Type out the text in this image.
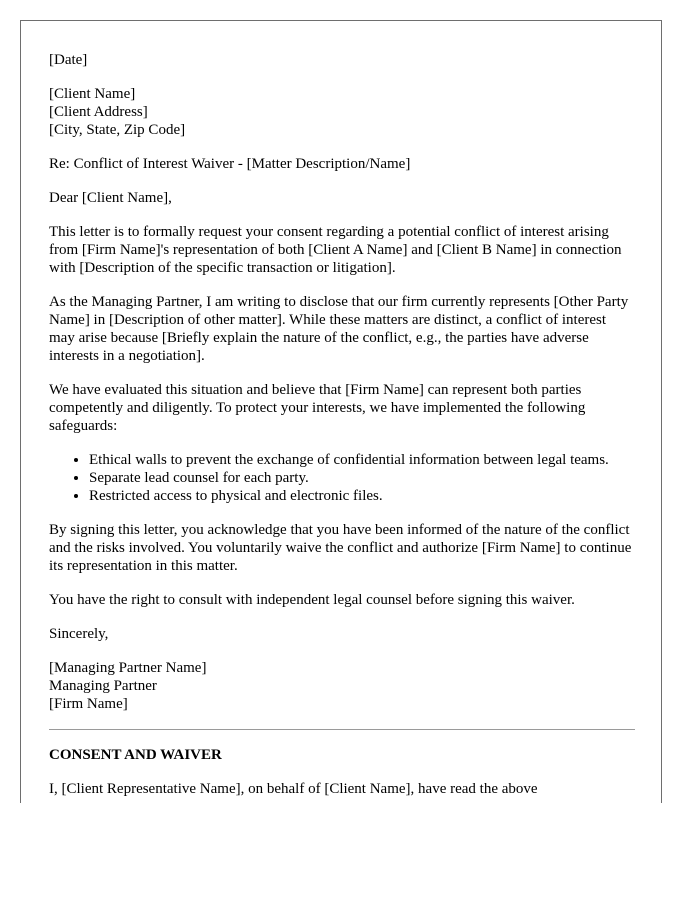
[Date]

[Client Name]
[Client Address]
[City, State, Zip Code]

Re: Conflict of Interest Waiver - [Matter Description/Name]

Dear [Client Name],

This letter is to formally request your consent regarding a potential conflict of interest arising from [Firm Name]'s representation of both [Client A Name] and [Client B Name] in connection with [Description of the specific transaction or litigation].

As the Managing Partner, I am writing to disclose that our firm currently represents [Other Party Name] in [Description of other matter]. While these matters are distinct, a conflict of interest may arise because [Briefly explain the nature of the conflict, e.g., the parties have adverse interests in a negotiation].

We have evaluated this situation and believe that [Firm Name] can represent both parties competently and diligently. To protect your interests, we have implemented the following safeguards:

• Ethical walls to prevent the exchange of confidential information between legal teams.
• Separate lead counsel for each party.
• Restricted access to physical and electronic files.

By signing this letter, you acknowledge that you have been informed of the nature of the conflict and the risks involved. You voluntarily waive the conflict and authorize [Firm Name] to continue its representation in this matter.

You have the right to consult with independent legal counsel before signing this waiver.

Sincerely,

[Managing Partner Name]
Managing Partner
[Firm Name]

CONSENT AND WAIVER

I, [Client Representative Name], on behalf of [Client Name], have read the above
